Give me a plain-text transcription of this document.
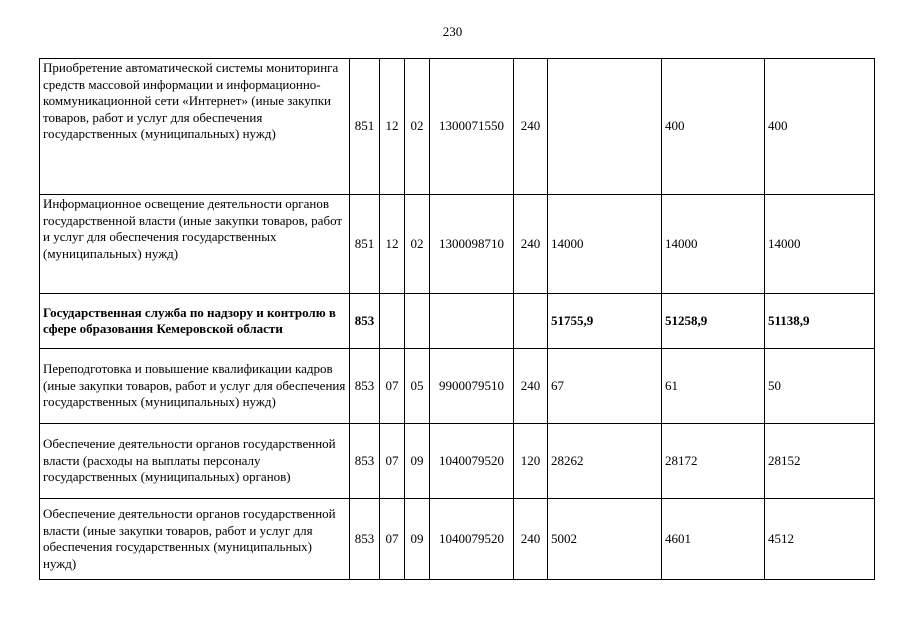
230
Приобретение автоматической системы мониторинга средств массовой информации и информационно-коммуникационной сети «Интернет» (иные закупки товаров, работ и услуг для обеспечения государственных (муниципальных) нужд)	851	12	02	1300071550	240		400	400
Информационное освещение деятельности органов государственной власти (иные закупки товаров, работ и услуг для обеспечения государственных (муниципальных) нужд)	851	12	02	1300098710	240	14000	14000	14000
Государственная служба по надзору и контролю в сфере образования Кемеровской области	853					51755,9	51258,9	51138,9
Переподготовка и повышение квалификации кадров (иные закупки товаров, работ и услуг для обеспечения государственных (муниципальных) нужд)	853	07	05	9900079510	240	67	61	50
Обеспечение деятельности органов государственной власти (расходы на выплаты персоналу государственных (муниципальных) органов)	853	07	09	1040079520	120	28262	28172	28152
Обеспечение деятельности органов государственной власти (иные закупки товаров, работ и услуг для обеспечения государственных (муниципальных) нужд)	853	07	09	1040079520	240	5002	4601	4512
